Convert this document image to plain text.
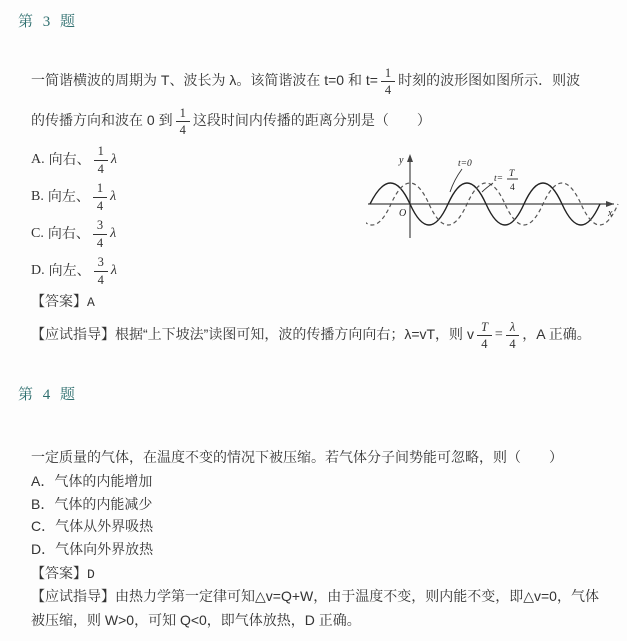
第 3 题
一简谐横波的周期为 T、波长为 λ。该简谐波在 t=0 和 $t= \frac{1}{4}$ 时刻的波形图如图所示．则波
的传播方向和波在 0 到 $\frac{1}{4}$ 这段时间内传播的距离分别是（　　）
A. 向右、 $\frac{1}{4}$ λ
B. 向左、 $\frac{1}{4}$ λ
C. 向右、 $\frac{3}{4}$ λ
D. 向左、 $\frac{3}{4}$ λ
【答案】A
【应试指导】 根据“上下坡法”读图可知，波的传播方向向右；λ=vT，则 v $\frac{T}{4} = \frac{\lambda}{4}$ ，A 正确。
y
x
O
t=0
t= T
4
第 4 题
一定质量的气体，在温度不变的情况下被压缩。若气体分子间势能可忽略，则（　　）
A．气体的内能增加
B．气体的内能减少
C．气体从外界吸热
D．气体向外界放热
【答案】D
【应试指导】由热力学第一定律可知△v=Q+W，由于温度不变，则内能不变，即△v=0，气体
被压缩，则 W>0，可知 Q<0，即气体放热，D 正确。
